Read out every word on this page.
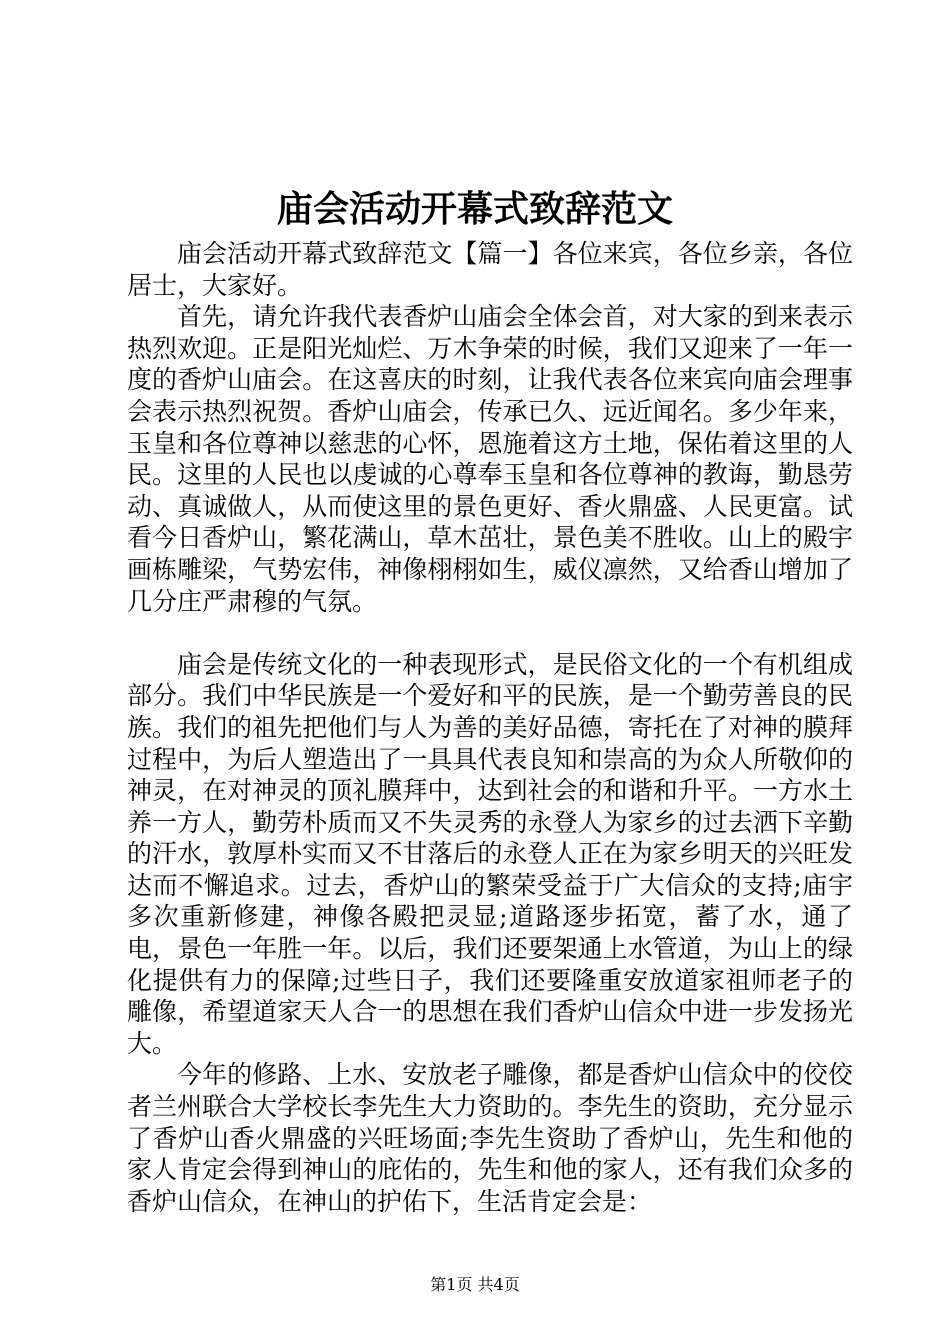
庙会活动开幕式致辞范文

庙会活动开幕式致辞范文【篇一】各位来宾，各位乡亲，各位居士，大家好。

首先，请允许我代表香炉山庙会全体会首，对大家的到来表示热烈欢迎。正是阳光灿烂、万木争荣的时候，我们又迎来了一年一度的香炉山庙会。在这喜庆的时刻，让我代表各位来宾向庙会理事会表示热烈祝贺。香炉山庙会，传承已久、远近闻名。多少年来，玉皇和各位尊神以慈悲的心怀，恩施着这方土地，保佑着这里的人民。这里的人民也以虔诚的心尊奉玉皇和各位尊神的教诲，勤恳劳动、真诚做人，从而使这里的景色更好、香火鼎盛、人民更富。试看今日香炉山，繁花满山，草木茁壮，景色美不胜收。山上的殿宇画栋雕梁，气势宏伟，神像栩栩如生，威仪凛然，又给香山增加了几分庄严肃穆的气氛。

庙会是传统文化的一种表现形式，是民俗文化的一个有机组成部分。我们中华民族是一个爱好和平的民族，是一个勤劳善良的民族。我们的祖先把他们与人为善的美好品德，寄托在了对神的膜拜过程中，为后人塑造出了一具具代表良知和崇高的为众人所敬仰的神灵，在对神灵的顶礼膜拜中，达到社会的和谐和升平。一方水土养一方人，勤劳朴质而又不失灵秀的永登人为家乡的过去洒下辛勤的汗水，敦厚朴实而又不甘落后的永登人正在为家乡明天的兴旺发达而不懈追求。过去，香炉山的繁荣受益于广大信众的支持;庙宇多次重新修建，神像各殿把灵显;道路逐步拓宽，蓄了水，通了电，景色一年胜一年。以后，我们还要架通上水管道，为山上的绿化提供有力的保障;过些日子，我们还要隆重安放道家祖师老子的雕像，希望道家天人合一的思想在我们香炉山信众中进一步发扬光大。

今年的修路、上水、安放老子雕像，都是香炉山信众中的佼佼者兰州联合大学校长李先生大力资助的。李先生的资助，充分显示了香炉山香火鼎盛的兴旺场面;李先生资助了香炉山，先生和他的家人肯定会得到神山的庇佑的，先生和他的家人，还有我们众多的香炉山信众，在神山的护佑下，生活肯定会是：

第1页 共4页
